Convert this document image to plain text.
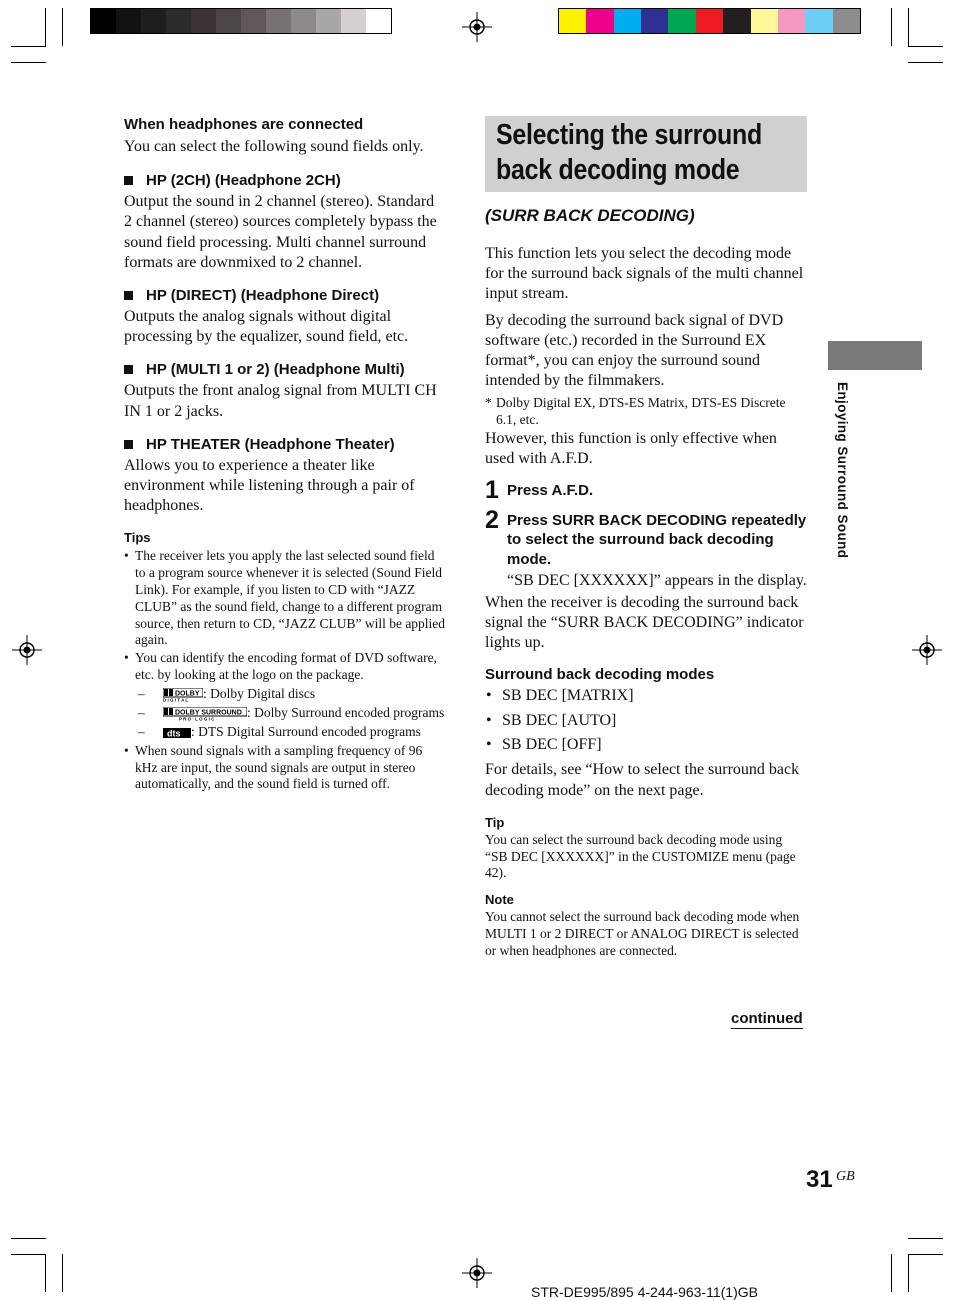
When headphones are connected

You can select the following sound fields only.

HP (2CH) (Headphone 2CH)

Output the sound in 2 channel (stereo). Standard 2 channel (stereo) sources completely bypass the sound field processing. Multi channel surround formats are downmixed to 2 channel.

HP (DIRECT) (Headphone Direct)

Outputs the analog signals without digital processing by the equalizer, sound field, etc.

HP (MULTI 1 or 2) (Headphone Multi)

Outputs the front analog signal from MULTI CH IN 1 or 2 jacks.

HP THEATER (Headphone Theater)

Allows you to experience a theater like environment while listening through a pair of headphones.

Tips

• The receiver lets you apply the last selected sound field to a program source whenever it is selected (Sound Field Link). For example, if you listen to CD with “JAZZ CLUB” as the sound field, change to a different program source, then return to CD, “JAZZ CLUB” will be applied again.
• You can identify the encoding format of DVD software, etc. by looking at the logo on the package.
–	DOLBY
D I G I T A L : Dolby Digital discs
–	DOLBY SURROUND
P R O · L O G I C : Dolby Surround encoded programs
– dts : DTS Digital Surround encoded programs
• When sound signals with a sampling frequency of 96 kHz are input, the sound signals are output in stereo automatically, and the sound field is turned off.
Selecting the surround
back decoding mode

(SURR BACK DECODING)

This function lets you select the decoding mode for the surround back signals of the multi channel input stream.

By decoding the surround back signal of DVD software (etc.) recorded in the Surround EX format*, you can enjoy the surround sound intended by the filmmakers.

* Dolby Digital EX, DTS-ES Matrix, DTS-ES Discrete 6.1, etc.

However, this function is only effective when used with A.F.D.

1 Press A.F.D.
2 Press SURR BACK DECODING repeatedly to select the surround back decoding mode.

“SB DEC [XXXXXX]” appears in the display.

When the receiver is decoding the surround back signal the “SURR BACK DECODING” indicator lights up.

Surround back decoding modes

• SB DEC [MATRIX]
• SB DEC [AUTO]
• SB DEC [OFF]

For details, see “How to select the surround back decoding mode” on the next page.

Tip

You can select the surround back decoding mode using “SB DEC [XXXXXX]” in the CUSTOMIZE menu (page 42).

Note

You cannot select the surround back decoding mode when MULTI 1 or 2 DIRECT or ANALOG DIRECT is selected or when headphones are connected.

continued
Enjoying Surround Sound
31 GB
STR-DE995/895 4-244-963-11(1)GB
